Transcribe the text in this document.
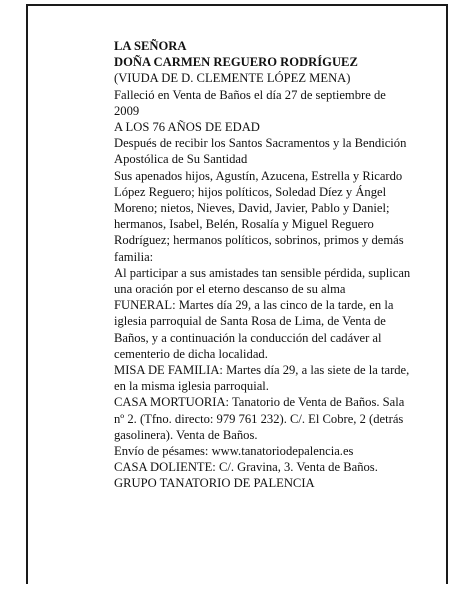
LA SEÑORA

DOÑA CARMEN REGUERO RODRÍGUEZ

(VIUDA DE D. CLEMENTE LÓPEZ MENA)

Falleció en Venta de Baños el día 27 de septiembre de 2009

A LOS 76 AÑOS DE EDAD

Después de recibir los Santos Sacramentos y la Bendición Apostólica de Su Santidad

Sus apenados hijos, Agustín, Azucena, Estrella y Ricardo López Reguero; hijos políticos, Soledad Díez y Ángel Moreno; nietos, Nieves, David, Javier, Pablo y Daniel; hermanos, Isabel, Belén, Rosalía y Miguel Reguero Rodríguez; hermanos políticos, sobrinos, primos y demás familia:

Al participar a sus amistades tan sensible pérdida, suplican una oración por el eterno descanso de su alma

FUNERAL: Martes día 29, a las cinco de la tarde, en la iglesia parroquial de Santa Rosa de Lima, de Venta de Baños, y a continuación la conducción del cadáver al cementerio de dicha localidad.

MISA DE FAMILIA: Martes día 29, a las siete de la tarde, en la misma iglesia parroquial.

CASA MORTUORIA: Tanatorio de Venta de Baños. Sala nº 2. (Tfno. directo: 979 761 232). C/. El Cobre, 2 (detrás gasolinera). Venta de Baños.

Envío de pésames: www.tanatoriodepalencia.es

CASA DOLIENTE: C/. Gravina, 3. Venta de Baños.

GRUPO TANATORIO DE PALENCIA
